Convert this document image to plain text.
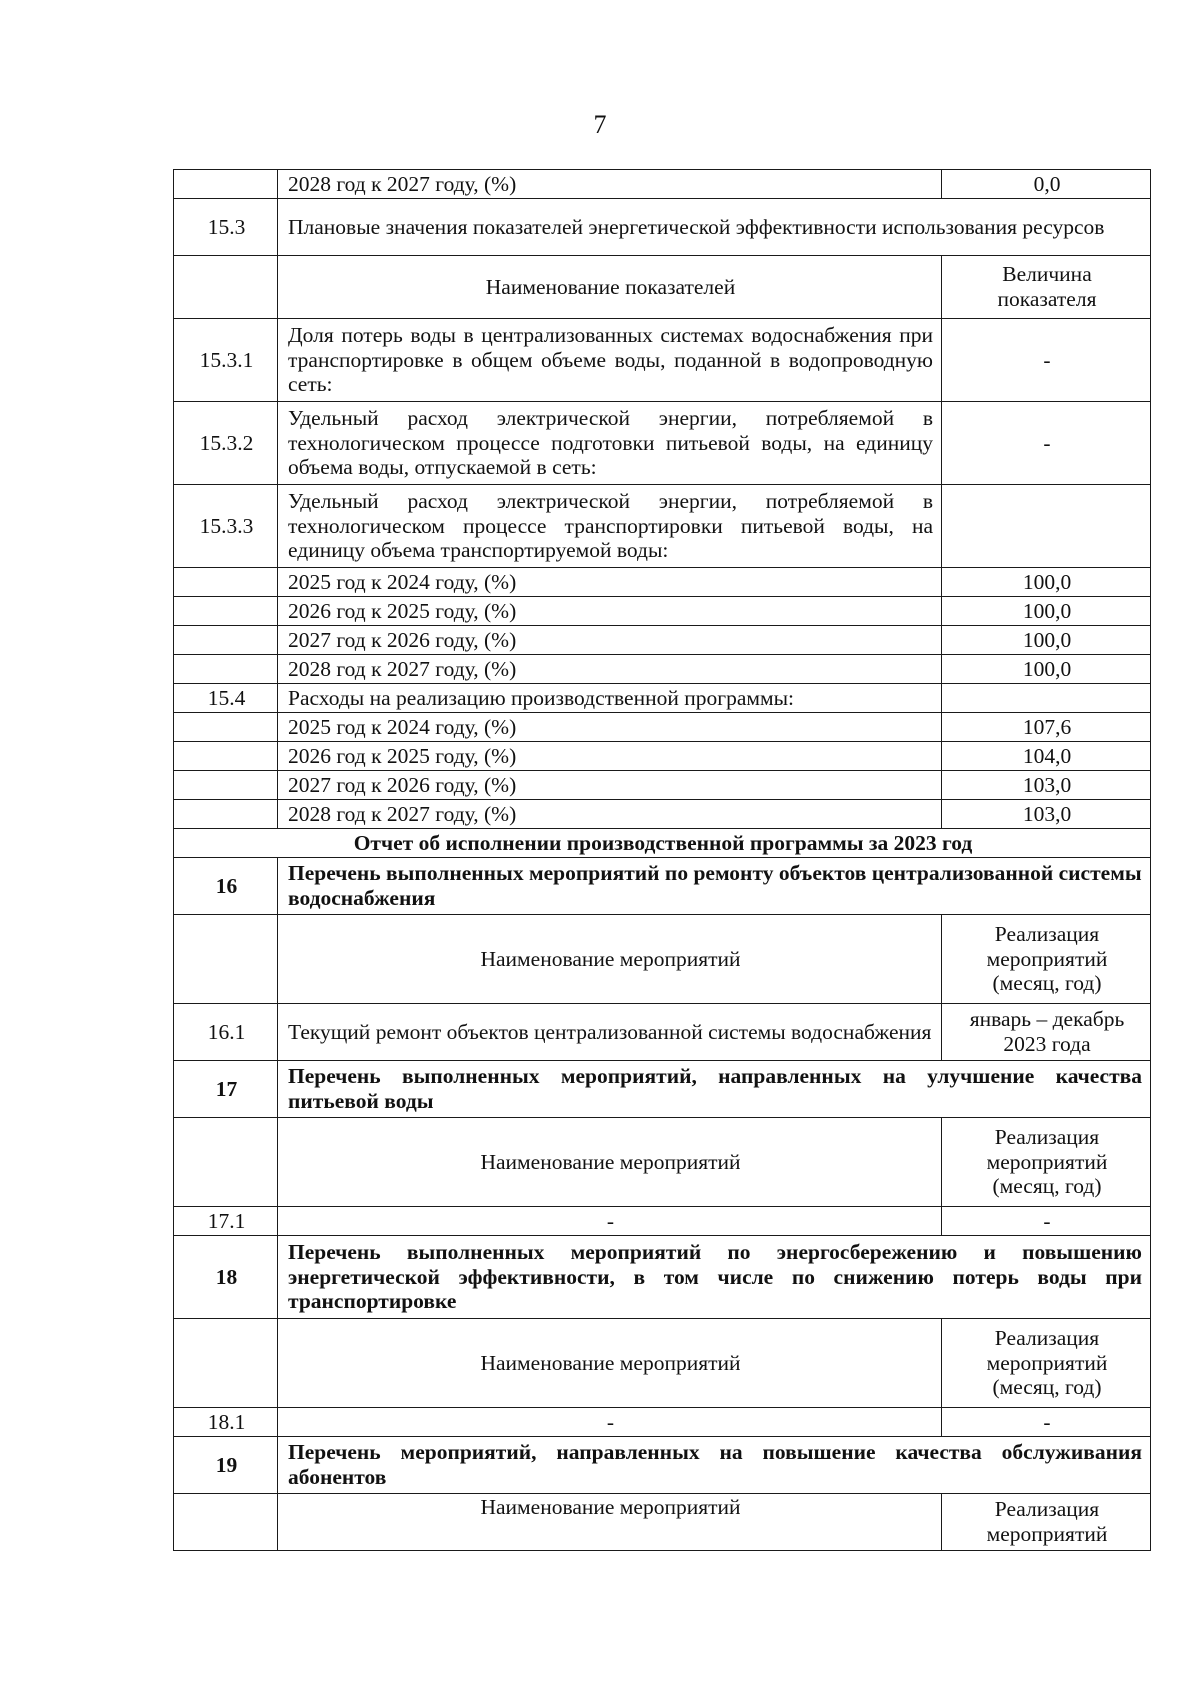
7
	2028 год к 2027 году, (%)	0,0
15.3	Плановые значения показателей энергетической эффективности использования ресурсов	
	Наименование показателей	Величина показателя
15.3.1	Доля потерь воды в централизованных системах водоснабжения при транспортировке в общем объеме воды, поданной в водопроводную сеть:	-
15.3.2	Удельный расход электрической энергии, потребляемой в технологическом процессе подготовки питьевой воды, на единицу объема воды, отпускаемой в сеть:	-
15.3.3	Удельный расход электрической энергии, потребляемой в технологическом процессе транспортировки питьевой воды, на единицу объема транспортируемой воды:	
	2025 год к 2024 году, (%)	100,0
	2026 год к 2025 году, (%)	100,0
	2027 год к 2026 году, (%)	100,0
	2028 год к 2027 году, (%)	100,0
15.4	Расходы на реализацию производственной программы:	
	2025 год к 2024 году, (%)	107,6
	2026 год к 2025 году, (%)	104,0
	2027 год к 2026 году, (%)	103,0
	2028 год к 2027 году, (%)	103,0
Отчет об исполнении производственной программы за 2023 год		
16	Перечень выполненных мероприятий по ремонту объектов централизованной системы водоснабжения	
	Наименование мероприятий	Реализация мероприятий (месяц, год)
16.1	Текущий ремонт объектов централизованной системы водоснабжения	январь – декабрь 2023 года
17	Перечень выполненных мероприятий, направленных на улучшение качества питьевой воды	
	Наименование мероприятий	Реализация мероприятий (месяц, год)
17.1	-	-
18	Перечень выполненных мероприятий по энергосбережению и повышению энергетической эффективности, в том числе по снижению потерь воды при транспортировке	
	Наименование мероприятий	Реализация мероприятий (месяц, год)
18.1	-	-
19	Перечень мероприятий, направленных на повышение качества обслуживания абонентов	
	Наименование мероприятий	Реализация мероприятий
